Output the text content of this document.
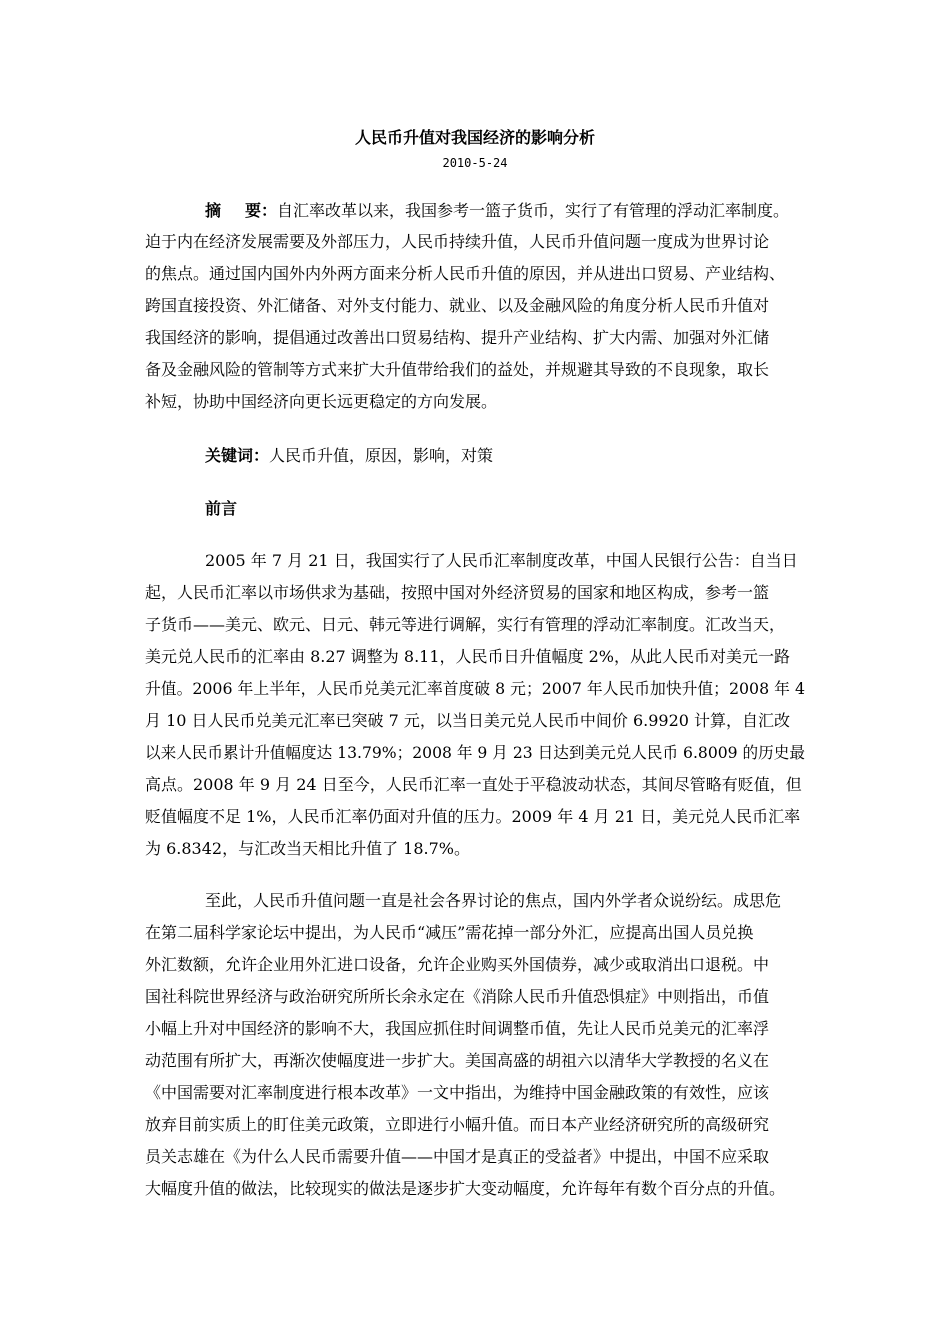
人民币升值对我国经济的影响分析
2010-5-24
摘 要：自汇率改革以来，我国参考一篮子货币，实行了有管理的浮动汇率制度。
迫于内在经济发展需要及外部压力，人民币持续升值，人民币升值问题一度成为世界讨论
的焦点。通过国内国外内外两方面来分析人民币升值的原因，并从进出口贸易、产业结构、
跨国直接投资、外汇储备、对外支付能力、就业、以及金融风险的角度分析人民币升值对
我国经济的影响，提倡通过改善出口贸易结构、提升产业结构、扩大内需、加强对外汇储
备及金融风险的管制等方式来扩大升值带给我们的益处，并规避其导致的不良现象，取长
补短，协助中国经济向更长远更稳定的方向发展。
关键词：人民币升值，原因，影响，对策
前言
2005 年 7 月 21 日，我国实行了人民币汇率制度改革，中国人民银行公告：自当日
起，人民币汇率以市场供求为基础，按照中国对外经济贸易的国家和地区构成，参考一篮
子货币——美元、欧元、日元、韩元等进行调解，实行有管理的浮动汇率制度。汇改当天，
美元兑人民币的汇率由 8.27 调整为 8.11，人民币日升值幅度 2%，从此人民币对美元一路
升值。2006 年上半年，人民币兑美元汇率首度破 8 元；2007 年人民币加快升值；2008 年 4
月 10 日人民币兑美元汇率已突破 7 元，以当日美元兑人民币中间价 6.9920 计算，自汇改
以来人民币累计升值幅度达 13.79%；2008 年 9 月 23 日达到美元兑人民币 6.8009 的历史最
高点。2008 年 9 月 24 日至今，人民币汇率一直处于平稳波动状态，其间尽管略有贬值，但
贬值幅度不足 1%，人民币汇率仍面对升值的压力。2009 年 4 月 21 日，美元兑人民币汇率
为 6.8342，与汇改当天相比升值了 18.7%。
至此，人民币升值问题一直是社会各界讨论的焦点，国内外学者众说纷纭。成思危
在第二届科学家论坛中提出，为人民币“减压”需花掉一部分外汇，应提高出国人员兑换
外汇数额，允许企业用外汇进口设备，允许企业购买外国债券，减少或取消出口退税。中
国社科院世界经济与政治研究所所长余永定在《消除人民币升值恐惧症》中则指出，币值
小幅上升对中国经济的影响不大，我国应抓住时间调整币值，先让人民币兑美元的汇率浮
动范围有所扩大，再渐次使幅度进一步扩大。美国高盛的胡祖六以清华大学教授的名义在
《中国需要对汇率制度进行根本改革》一文中指出，为维持中国金融政策的有效性，应该
放弃目前实质上的盯住美元政策，立即进行小幅升值。而日本产业经济研究所的高级研究
员关志雄在《为什么人民币需要升值——中国才是真正的受益者》中提出，中国不应采取
大幅度升值的做法，比较现实的做法是逐步扩大变动幅度，允许每年有数个百分点的升值。
